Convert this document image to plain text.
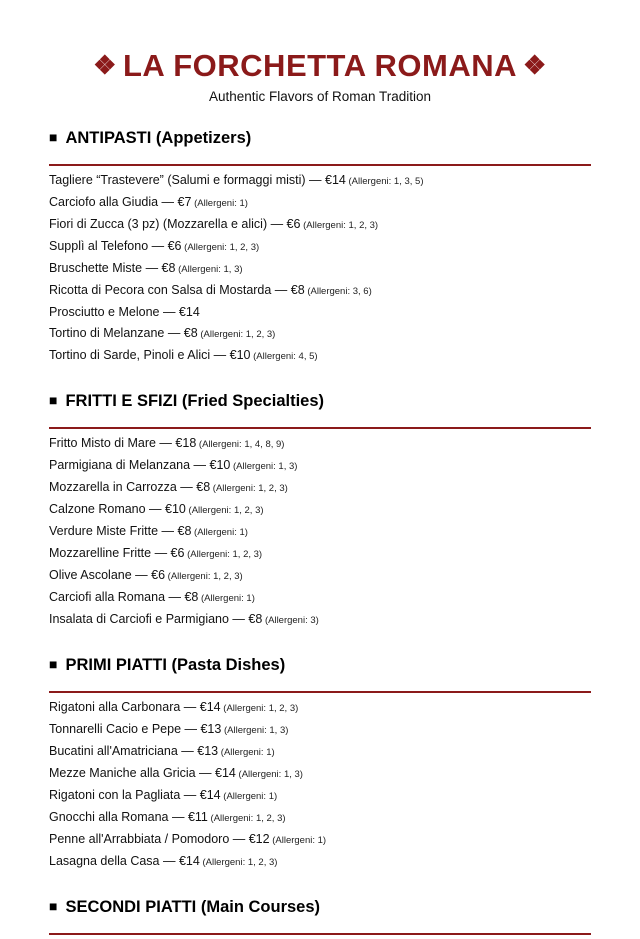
❖ LA FORCHETTA ROMANA ❖
Authentic Flavors of Roman Tradition
■ ANTIPASTI (Appetizers)

Tagliere “Trastevere” (Salumi e formaggi misti) — €14 (Allergeni: 1, 3, 5)

Carciofo alla Giudia — €7 (Allergeni: 1)

Fiori di Zucca (3 pz) (Mozzarella e alici) — €6 (Allergeni: 1, 2, 3)

Supplì al Telefono — €6 (Allergeni: 1, 2, 3)

Bruschette Miste — €8 (Allergeni: 1, 3)

Ricotta di Pecora con Salsa di Mostarda — €8 (Allergeni: 3, 6)

Prosciutto e Melone — €14

Tortino di Melanzane — €8 (Allergeni: 1, 2, 3)

Tortino di Sarde, Pinoli e Alici — €10 (Allergeni: 4, 5)

■ FRITTI E SFIZI (Fried Specialties)

Fritto Misto di Mare — €18 (Allergeni: 1, 4, 8, 9)

Parmigiana di Melanzana — €10 (Allergeni: 1, 3)

Mozzarella in Carrozza — €8 (Allergeni: 1, 2, 3)

Calzone Romano — €10 (Allergeni: 1, 2, 3)

Verdure Miste Fritte — €8 (Allergeni: 1)

Mozzarelline Fritte — €6 (Allergeni: 1, 2, 3)

Olive Ascolane — €6 (Allergeni: 1, 2, 3)

Carciofi alla Romana — €8 (Allergeni: 1)

Insalata di Carciofi e Parmigiano — €8 (Allergeni: 3)

■ PRIMI PIATTI (Pasta Dishes)

Rigatoni alla Carbonara — €14 (Allergeni: 1, 2, 3)

Tonnarelli Cacio e Pepe — €13 (Allergeni: 1, 3)

Bucatini all'Amatriciana — €13 (Allergeni: 1)

Mezze Maniche alla Gricia — €14 (Allergeni: 1, 3)

Rigatoni con la Pagliata — €14 (Allergeni: 1)

Gnocchi alla Romana — €11 (Allergeni: 1, 2, 3)

Penne all'Arrabbiata / Pomodoro — €12 (Allergeni: 1)

Lasagna della Casa — €14 (Allergeni: 1, 2, 3)

■ SECONDI PIATTI (Main Courses)
